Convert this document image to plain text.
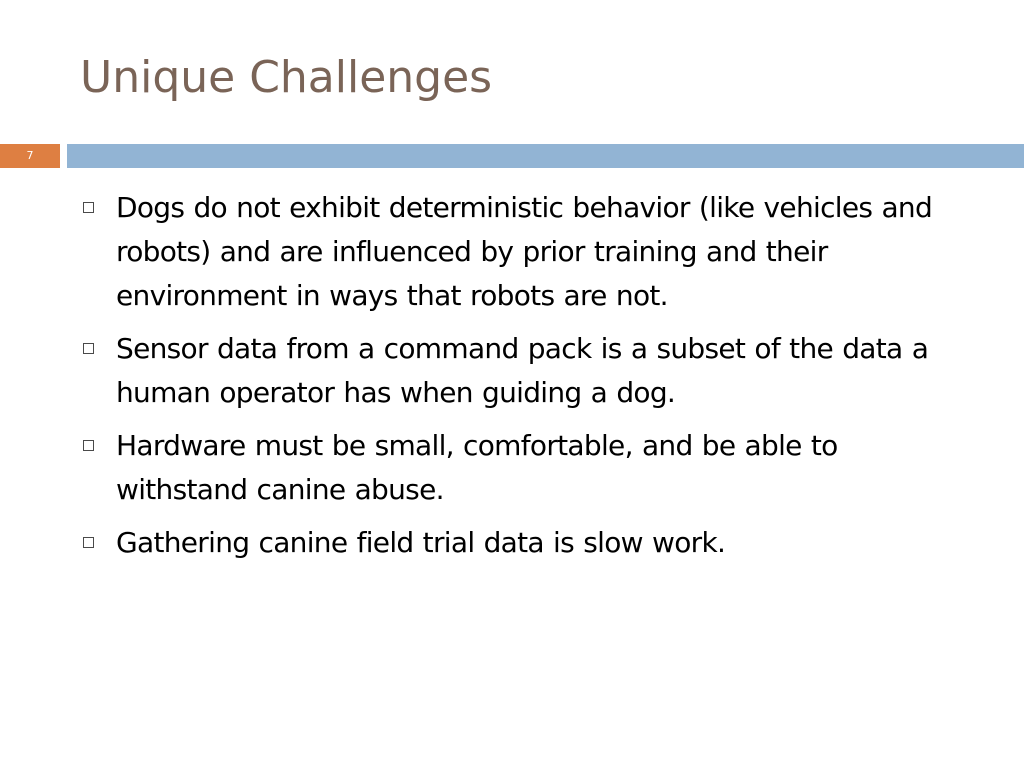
Unique Challenges
7
Dogs do not exhibit deterministic behavior (like vehicles and robots) and are influenced by prior training and their environment in ways that robots are not.
Sensor data from a command pack is a subset of the data a human operator has when guiding a dog.
Hardware must be small, comfortable, and be able to withstand canine abuse.
Gathering canine field trial data is slow work.
